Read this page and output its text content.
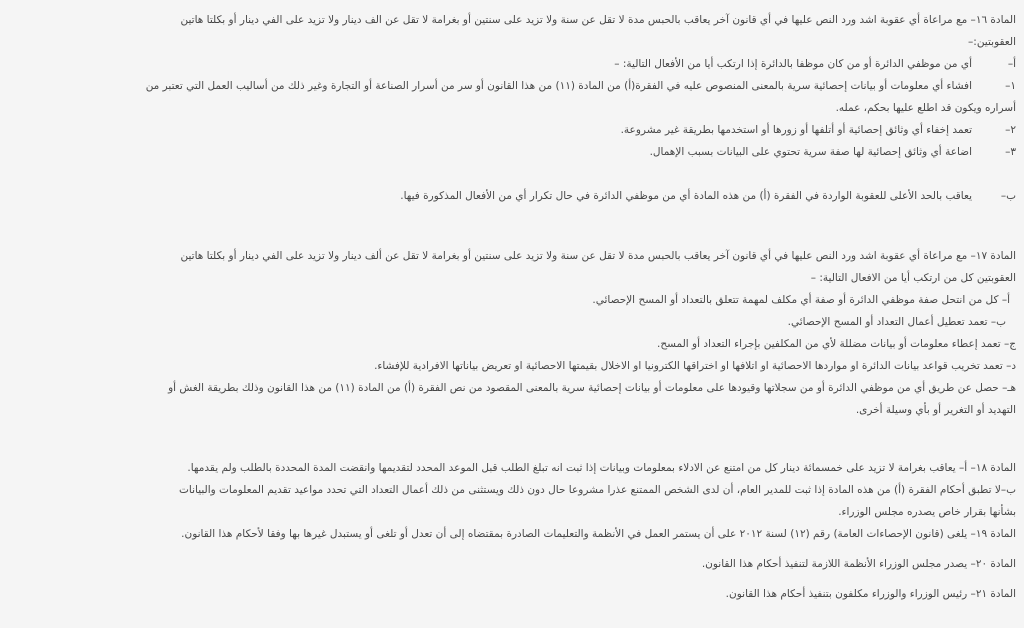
المادة ١٦– مع مراعاة أي عقوبة اشد ورد النص عليها في أي قانون آخر يعاقب بالحبس مدة لا تقل عن سنة ولا تزيد على سنتين أو بغرامة لا تقل عن الف دينار ولا تزيد على الفي دينار أو بكلتا هاتين

العقوبتين:–

أ–
أي من موظفي الدائرة أو من كان موظفا بالدائرة إذا ارتكب أيا من الأفعال التالية: –

١–
افشاء أي معلومات أو بيانات إحصائية سرية بالمعنى المنصوص عليه في الفقرة(أ) من المادة (١١) من هذا القانون أو سر من أسرار الصناعة أو التجارة وغير ذلك من أساليب العمل التي تعتبر من

أسراره ويكون قد اطلع عليها بحكم، عمله.

٢–
تعمد إخفاء أي وثائق إحصائية أو أتلفها أو زورها أو استخدمها بطريقة غير مشروعة.

٣–
اضاعة أي وثائق إحصائية لها صفة سرية تحتوي على البيانات بسبب الإهمال.

ب–
يعاقب بالحد الأعلى للعقوبة الواردة في الفقرة (أ) من هذه المادة أي من موظفي الدائرة في حال تكرار أي من الأفعال المذكورة فيها.

المادة ١٧– مع مراعاة أي عقوبة اشد ورد النص عليها في أي قانون آخر يعاقب بالحبس مدة لا تقل عن سنة ولا تزيد على سنتين أو بغرامة لا تقل عن ألف دينار ولا تزيد على الفي دينار أو بكلتا هاتين

العقوبتين كل من ارتكب أيا من الافعال التالية: –

أ– كل من انتحل صفة موظفي الدائرة أو صفة أي مكلف لمهمة تتعلق بالتعداد أو المسح الإحصائي.

ب– تعمد تعطيل أعمال التعداد أو المسح الإحصائي.

ج– تعمد إعطاء معلومات أو بيانات مضللة لأي من المكلفين بإجراء التعداد أو المسح.

د– تعمد تخريب قواعد بيانات الدائرة او مواردها الاحصائية او اتلافها او اختراقها الكترونيا او الاخلال بقيمتها الاحصائية او تعريض بياناتها الافرادية للإفشاء.

هـ– حصل عن طريق أي من موظفي الدائرة أو من سجلاتها وقيودها على معلومات أو بيانات إحصائية سرية بالمعنى المقصود من نص الفقرة (أ) من المادة (١١) من هذا القانون وذلك بطريقة الغش أو

التهديد أو التغرير أو بأي وسيلة أخرى.

المادة ١٨– أ– يعاقب بغرامة لا تزيد على خمسمائة دينار كل من امتنع عن الادلاء بمعلومات وبيانات إذا ثبت انه تبلغ الطلب قبل الموعد المحدد لتقديمها وانقضت المدة المحددة بالطلب ولم يقدمها.

ب–لا تطبق أحكام الفقرة (أ) من هذه المادة إذا ثبت للمدير العام، أن لدى الشخص الممتنع عذرا مشروعا حال دون ذلك ويستثنى من ذلك أعمال التعداد التي تحدد مواعيد تقديم المعلومات والبيانات

بشأنها بقرار خاص يصدره مجلس الوزراء.

المادة ١٩– يلغى (قانون الإحصاءات العامة) رقم (١٢) لسنة ٢٠١٢ على أن يستمر العمل في الأنظمة والتعليمات الصادرة بمقتضاه إلى أن تعدل أو تلغى أو يستبدل غيرها بها وفقا لأحكام هذا القانون.

المادة ٢٠– يصدر مجلس الوزراء الأنظمة اللازمة لتنفيذ أحكام هذا القانون.

المادة ٢١– رئيس الوزراء والوزراء مكلفون بتنفيذ أحكام هذا القانون.
